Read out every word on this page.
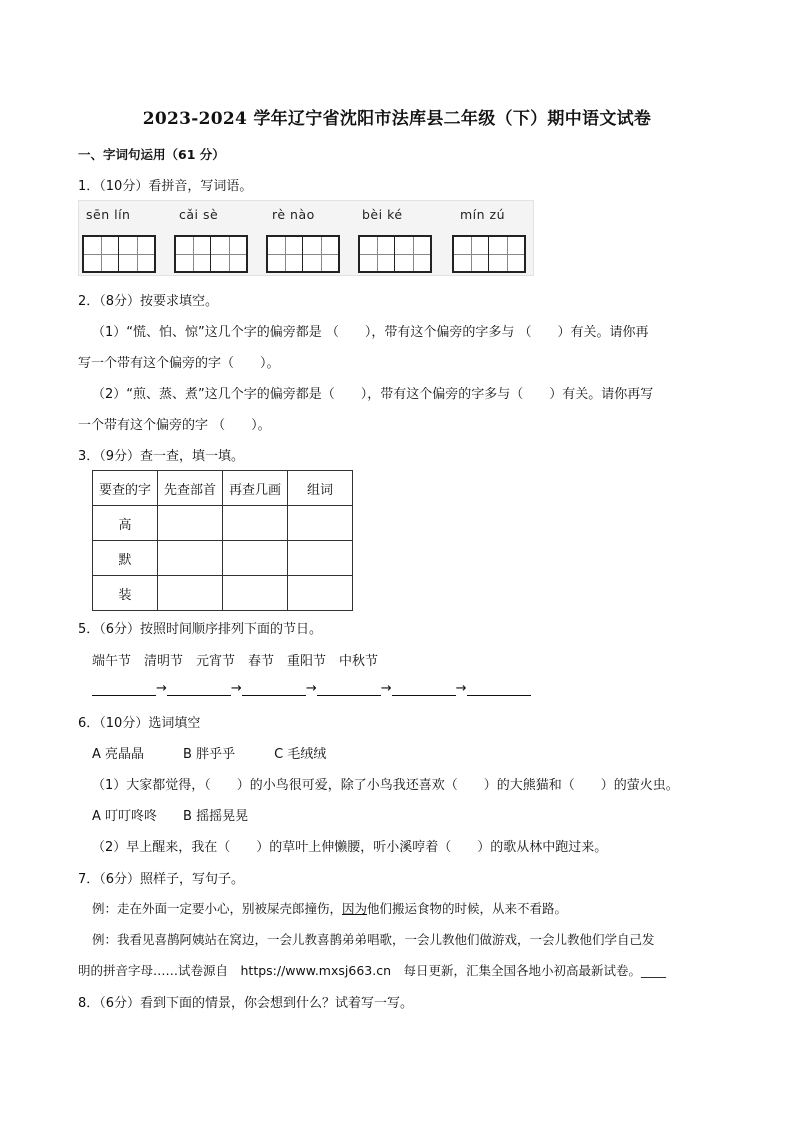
2023-2024 学年辽宁省沈阳市法库县二年级（下）期中语文试卷
一、字词句运用（61 分）
1．（10分）看拼音，写词语。
sēn lín	cǎi sè	rè nào	bèi ké	mín zú
2．（8分）按要求填空。
（1）“慌、怕、惊”这几个字的偏旁都是 （　　），带有这个偏旁的字多与 （　　）有关。请你再
写一个带有这个偏旁的字（　　）。
（2）“煎、蒸、煮”这几个字的偏旁都是（　　），带有这个偏旁的字多与（　　）有关。请你再写
一个带有这个偏旁的字 （　　）。
3．（9分）查一查，填一填。
要查的字	先查部首	再查几画	组词
高			
默			
装			
5．（6分）按照时间顺序排列下面的节日。
端午节　清明节　元宵节　春节　重阳节　中秋节
→	→	→	→	→
6．（10分）选词填空
A 亮晶晶　　　B 胖乎乎　　　C 毛绒绒
（1）大家都觉得，（　　）的小鸟很可爱，除了小鸟我还喜欢（　　）的大熊猫和（　　）的萤火虫。
A 叮叮咚咚　　B 摇摇晃晃
（2）早上醒来，我在（　　）的草叶上伸懒腰，听小溪哼着（　　）的歌从林中跑过来。
7．（6分）照样子，写句子。
例：走在外面一定要小心，别被屎壳郎撞伤，因为他们搬运食物的时候，从来不看路。
例：我看见喜鹊阿姨站在窝边，一会儿教喜鹊弟弟唱歌，一会儿教他们做游戏，一会儿教他们学自己发
明的拼音字母……试卷源自　https://www.mxsj663.cn　每日更新，汇集全国各地小初高最新试卷。____
8．（6分）看到下面的情景，你会想到什么？试着写一写。
